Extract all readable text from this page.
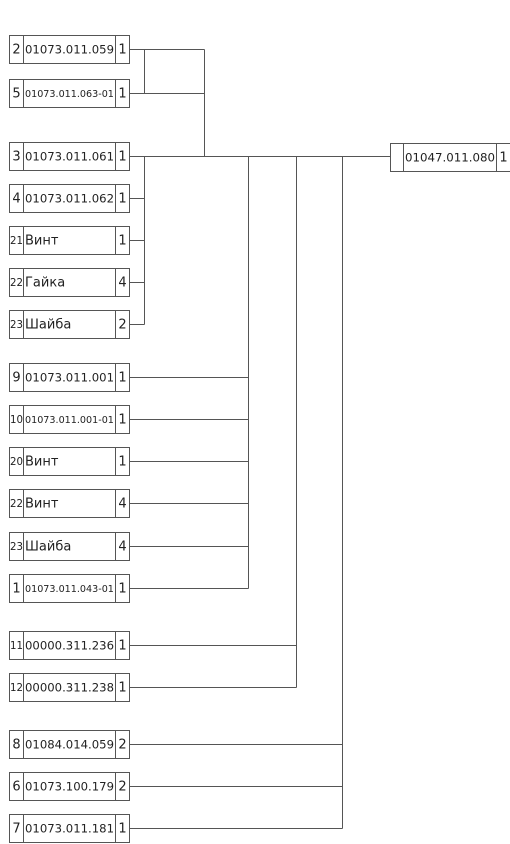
2 01073.011.059 1
5 01073.011.063-01 1
3 01073.011.061 1
4 01073.011.062 1
21 Винт	1
22 Гайка	4
23 Шайба	2
9 01073.011.001 1
10 01073.011.001-01 1
20 Винт	1
22 Винт	4
23 Шайба	4
1 01073.011.043-01 1
11 00000.311.236 1
12 00000.311.238 1
8 01084.014.059 2
6 01073.100.179 2
7 01073.011.181 1
01047.011.080 1
